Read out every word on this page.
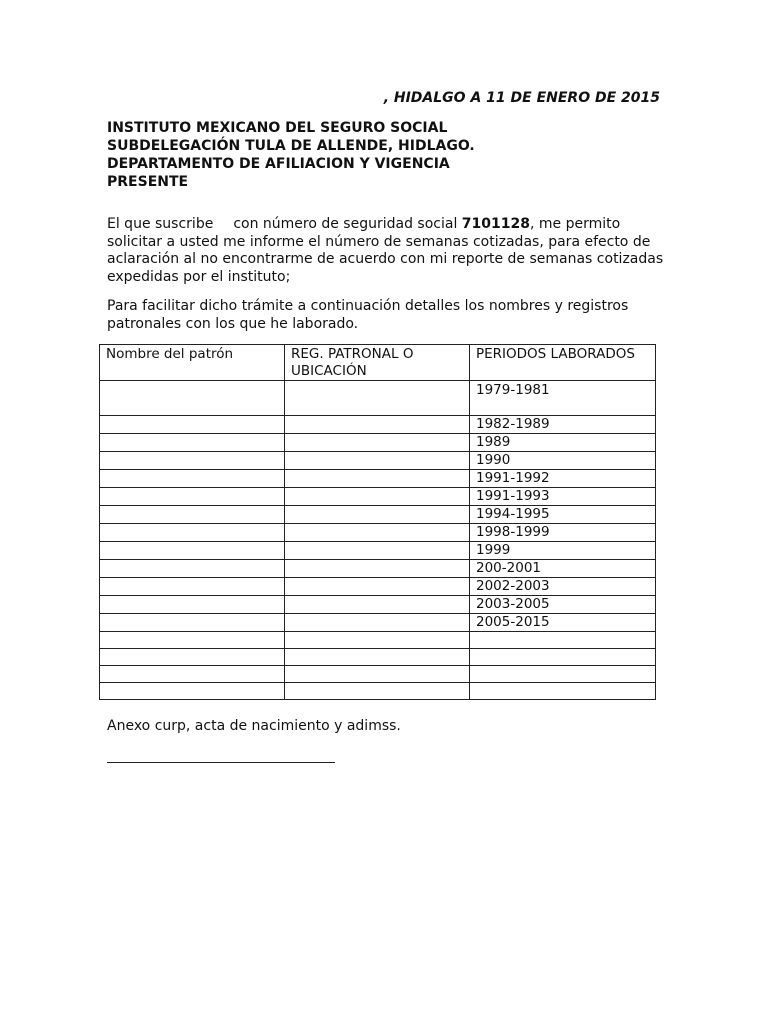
, HIDALGO A 11 DE ENERO DE 2015
INSTITUTO MEXICANO DEL SEGURO SOCIAL
SUBDELEGACIÓN TULA DE ALLENDE, HIDLAGO.
DEPARTAMENTO DE AFILIACION Y VIGENCIA
PRESENTE
El que suscribe con número de seguridad social 7101128, me permito
solicitar a usted me informe el número de semanas cotizadas, para efecto de
aclaración al no encontrarme de acuerdo con mi reporte de semanas cotizadas
expedidas por el instituto;
Para facilitar dicho trámite a continuación detalles los nombres y registros
patronales con los que he laborado.
Nombre del patrón	REG. PATRONAL O UBICACIÓN	PERIODOS LABORADOS
		1979-1981
		1982-1989
		1989
		1990
		1991-1992
		1991-1993
		1994-1995
		1998-1999
		1999
		200-2001
		2002-2003
		2003-2005
		2005-2015

Anexo curp, acta de nacimiento y adimss.
